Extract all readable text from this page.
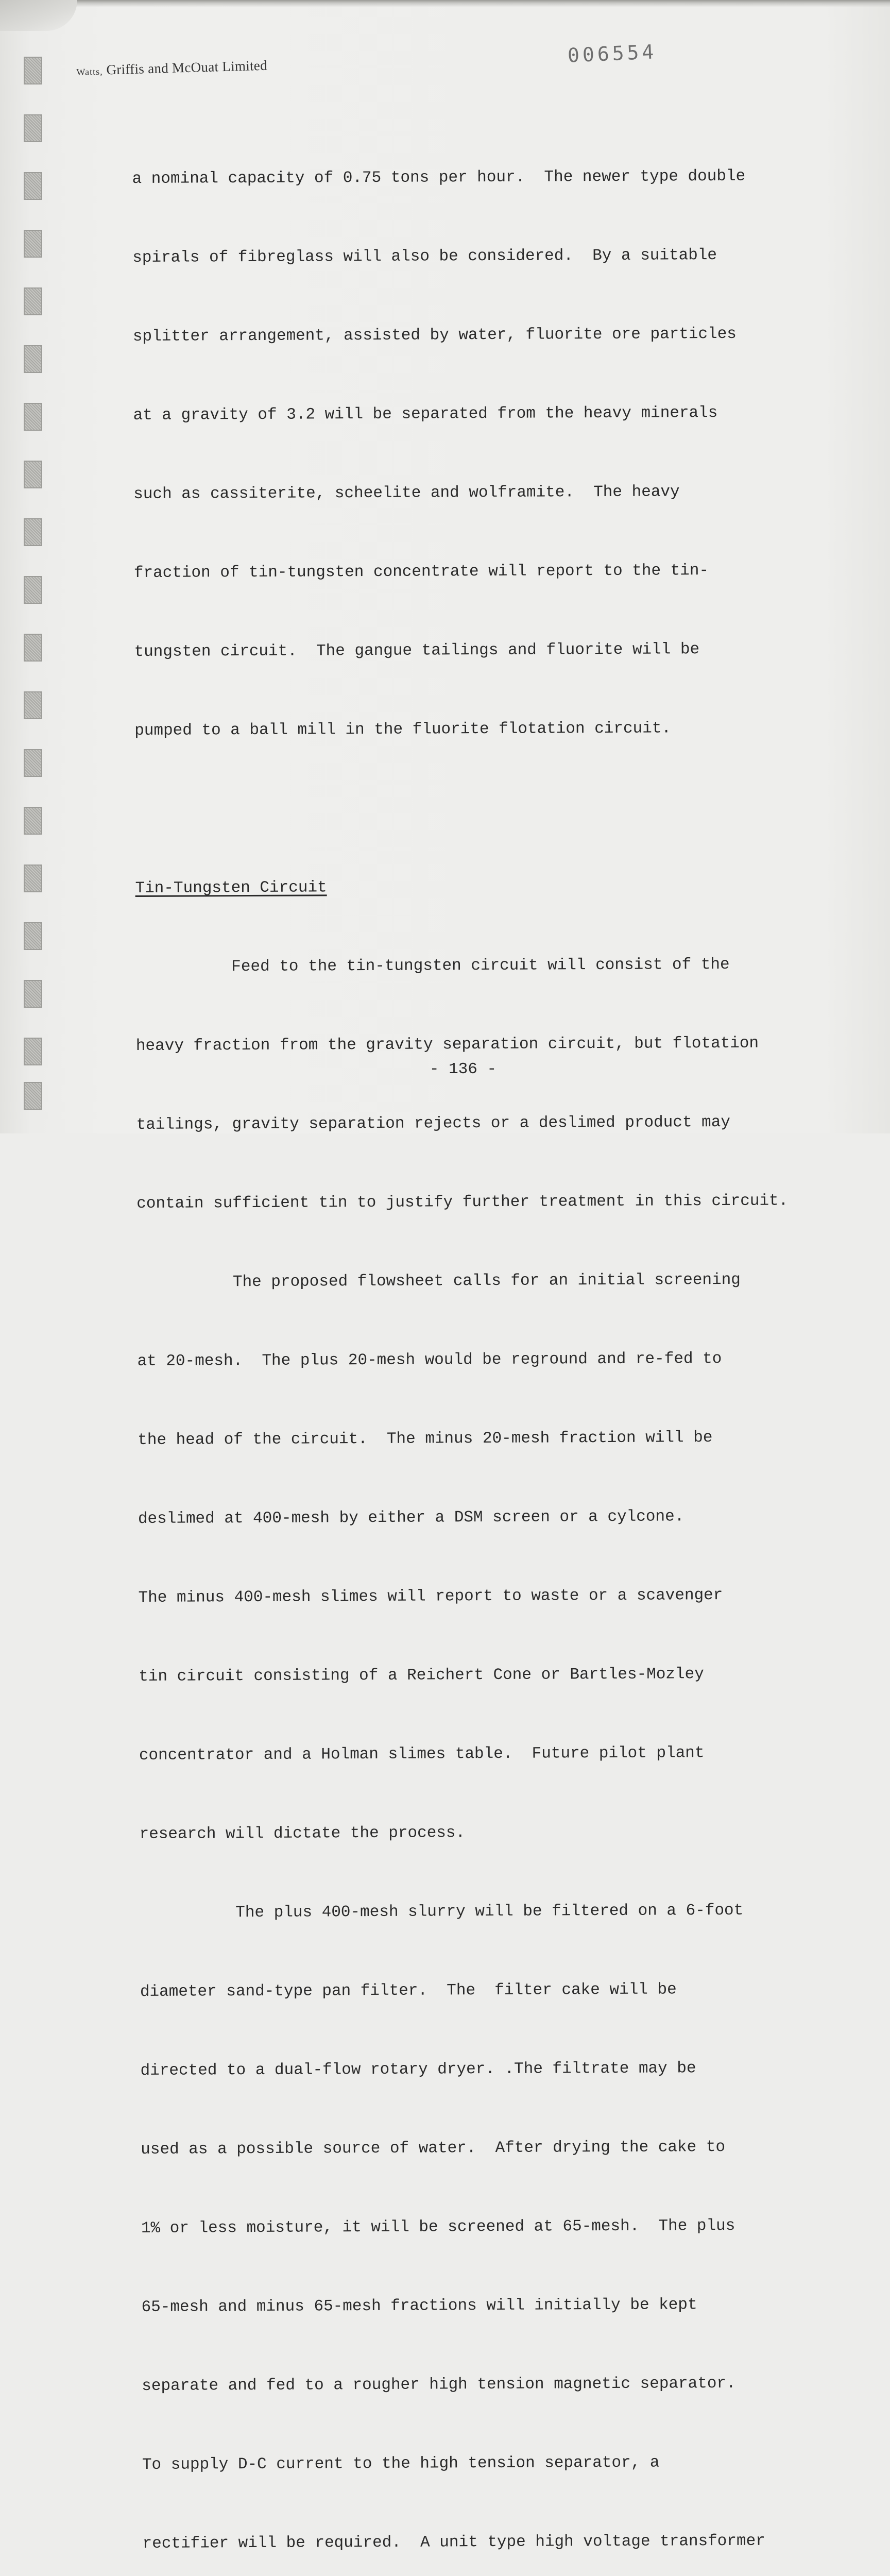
Watts, Griffis and McOuat Limited
006554

a nominal capacity of 0.75 tons per hour.  The newer type double

spirals of fibreglass will also be considered.  By a suitable

splitter arrangement, assisted by water, fluorite ore particles

at a gravity of 3.2 will be separated from the heavy minerals

such as cassiterite, scheelite and wolframite.  The heavy

fraction of tin-tungsten concentrate will report to the tin-

tungsten circuit.  The gangue tailings and fluorite will be

pumped to a ball mill in the fluorite flotation circuit.

Tin-Tungsten Circuit

Feed to the tin-tungsten circuit will consist of the

heavy fraction from the gravity separation circuit, but flotation

tailings, gravity separation rejects or a deslimed product may

contain sufficient tin to justify further treatment in this circuit.

The proposed flowsheet calls for an initial screening

at 20-mesh.  The plus 20-mesh would be reground and re-fed to

the head of the circuit.  The minus 20-mesh fraction will be

deslimed at 400-mesh by either a DSM screen or a cylcone.

The minus 400-mesh slimes will report to waste or a scavenger

tin circuit consisting of a Reichert Cone or Bartles-Mozley

concentrator and a Holman slimes table.  Future pilot plant

research will dictate the process.

The plus 400-mesh slurry will be filtered on a 6-foot

diameter sand-type pan filter.  The  filter cake will be

directed to a dual-flow rotary dryer. .The filtrate may be

used as a possible source of water.  After drying the cake to

1% or less moisture, it will be screened at 65-mesh.  The plus

65-mesh and minus 65-mesh fractions will initially be kept

separate and fed to a rougher high tension magnetic separator.

To supply D-C current to the high tension separator, a

rectifier will be required.  A unit type high voltage transformer

- 136 -
